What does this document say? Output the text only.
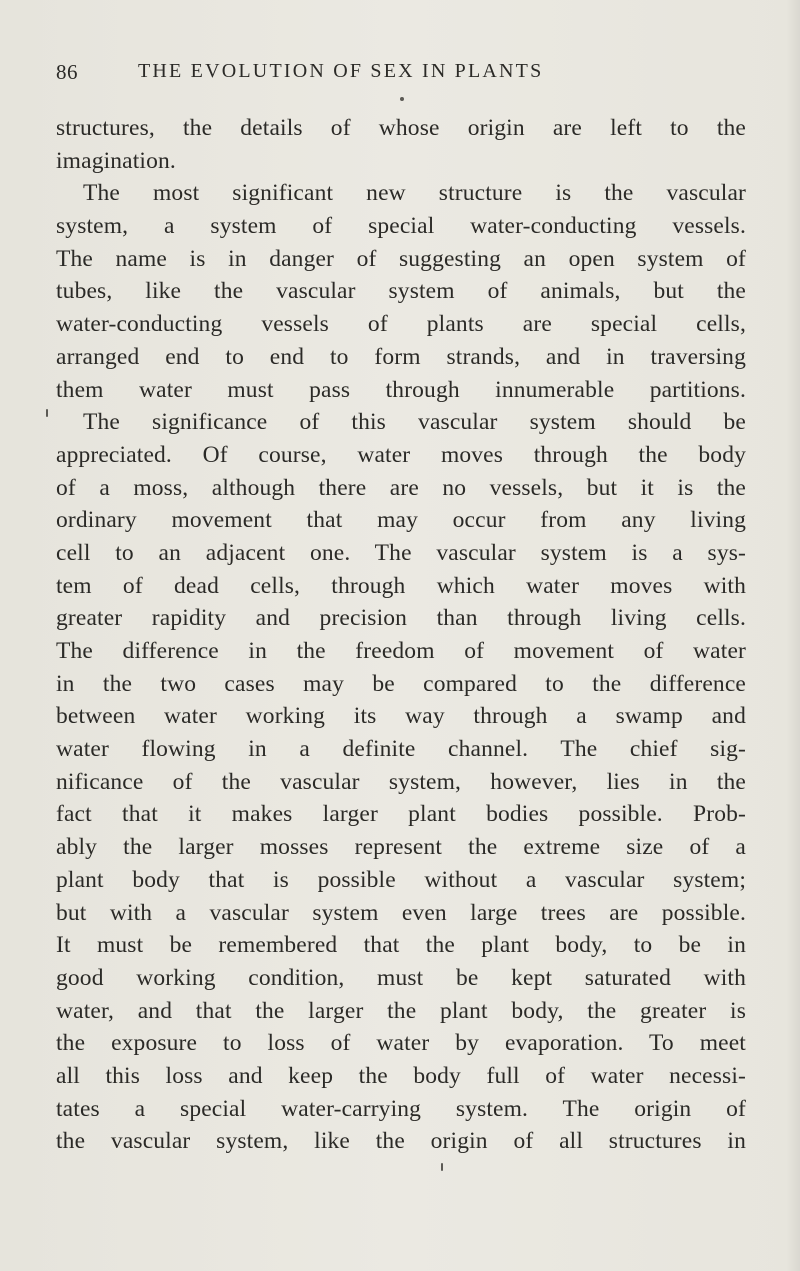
86	THE EVOLUTION OF SEX IN PLANTS
structures, the details of whose origin are left to the
imagination.
The most significant new structure is the vascular
system, a system of special water-conducting vessels.
The name is in danger of suggesting an open system of
tubes, like the vascular system of animals, but the
water-conducting vessels of plants are special cells,
arranged end to end to form strands, and in traversing
them water must pass through innumerable partitions.
The significance of this vascular system should be
appreciated. Of course, water moves through the body
of a moss, although there are no vessels, but it is the
ordinary movement that may occur from any living
cell to an adjacent one. The vascular system is a sys-
tem of dead cells, through which water moves with
greater rapidity and precision than through living cells.
The difference in the freedom of movement of water
in the two cases may be compared to the difference
between water working its way through a swamp and
water flowing in a definite channel. The chief sig-
nificance of the vascular system, however, lies in the
fact that it makes larger plant bodies possible. Prob-
ably the larger mosses represent the extreme size of a
plant body that is possible without a vascular system;
but with a vascular system even large trees are possible.
It must be remembered that the plant body, to be in
good working condition, must be kept saturated with
water, and that the larger the plant body, the greater is
the exposure to loss of water by evaporation. To meet
all this loss and keep the body full of water necessi-
tates a special water-carrying system. The origin of
the vascular system, like the origin of all structures in
